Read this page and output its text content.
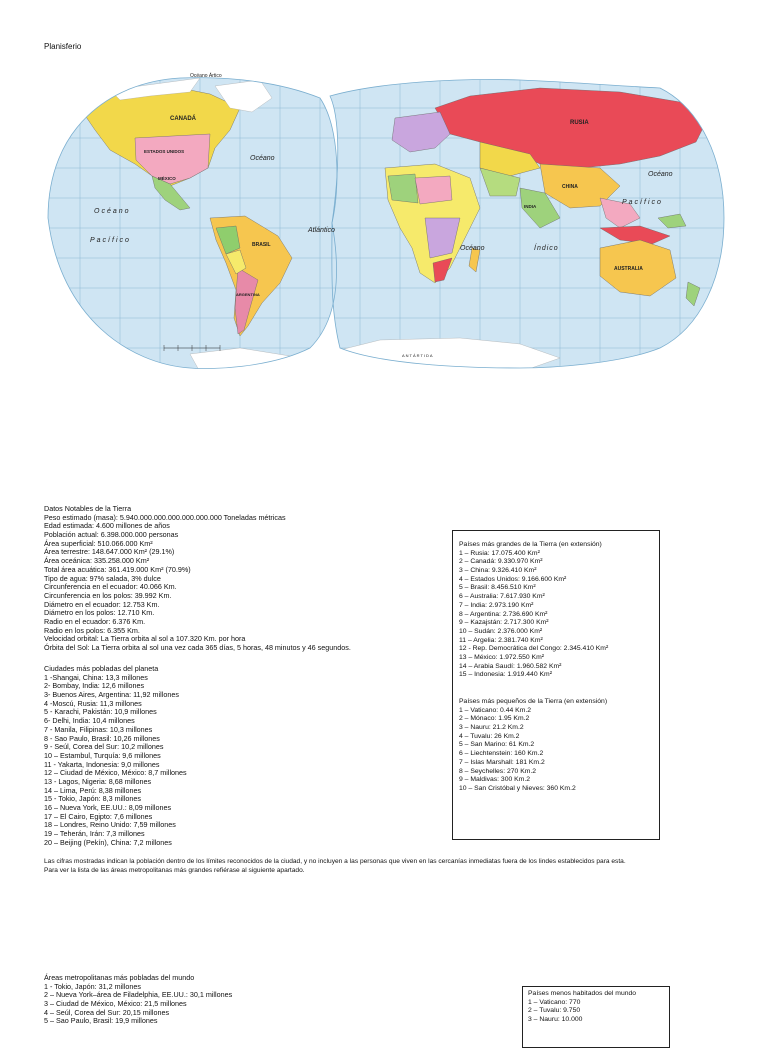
Planisferio
Océano Ártico
CANADÁ
ESTADOS UNIDOS
MÉXICO
BRASIL
ARGENTINA
RUSIA
CHINA
INDIA
AUSTRALIA
Océano
Atlántico
Océano
Pacífico
Océano	Índico
Océano
Pacífico
ANTÁRTIDA
Datos Notables de la Tierra
Peso estimado (masa): 5.940.000.000.000.000.000.000 Toneladas métricas
Edad estimada: 4.600 millones de años
Población actual: 6.398.000.000 personas
Área superficial: 510.066.000 Km²
Área terrestre: 148.647.000 Km² (29.1%)
Área oceánica: 335.258.000 Km²
Total área acuática: 361.419.000 Km² (70.9%)
Tipo de agua: 97% salada, 3% dulce
Circunferencia en el ecuador: 40.066 Km.
Circunferencia en los polos: 39.992 Km.
Diámetro en el ecuador: 12.753 Km.
Diámetro en los polos: 12.710 Km.
Radio en el ecuador: 6.376 Km.
Radio en los polos: 6.355 Km.
Velocidad orbital: La Tierra orbita al sol a 107.320 Km. por hora
Órbita del Sol: La Tierra orbita al sol una vez cada 365 días, 5 horas, 48 minutos y 46 segundos.
Ciudades más pobladas del planeta
1 -Shangai, China: 13,3 millones
2- Bombay, India: 12,6 millones
3- Buenos Aires, Argentina: 11,92 millones
4 -Moscú, Rusia: 11,3 millones
5 - Karachi, Pakistán: 10,9 millones
6- Delhi, India: 10,4 millones
7 - Manila, Filipinas: 10,3 millones
8 - Sao Paulo, Brasil: 10,26 millones
9 - Seúl, Corea del Sur: 10,2 millones
10 – Estambul, Turquía: 9,6 millones
11 - Yakarta, Indonesia: 9,0 millones
12 – Ciudad de México, México: 8,7 millones
13 - Lagos, Nigeria: 8,68 millones
14 – Lima, Perú: 8,38 millones
15 - Tokio, Japón: 8,3 millones
16 – Nueva York, EE.UU.: 8,09 millones
17 – El Cairo, Egipto: 7,6 millones
18 – Londres, Reino Unido: 7,59 millones
19 – Teherán, Irán: 7,3 millones
20 – Beijing (Pekín), China: 7,2 millones
Países más grandes de la Tierra (en extensión)
1 – Rusia: 17.075.400 Km²
2 – Canadá: 9.330.970 Km²
3 – China: 9.326.410 Km²
4 – Estados Unidos: 9.166.600 Km²
5 – Brasil: 8.456.510 Km²
6 – Australia: 7.617.930 Km²
7 – India: 2.973.190 Km²
8 – Argentina: 2.736.690 Km²
9 – Kazajstán: 2.717.300 Km²
10 – Sudán: 2.376.000 Km²
11 – Argelia: 2.381.740 Km²
12 - Rep. Democrática del Congo: 2.345.410 Km²
13 – México: 1.972.550 Km²
14 – Arabia Saudí: 1.960.582 Km²
15 – Indonesia: 1.919.440 Km²
Países más pequeños de la Tierra (en extensión)
1 – Vaticano: 0.44 Km.2
2 – Mónaco: 1.95 Km.2
3 – Nauru: 21.2 Km.2
4 – Tuvalu: 26 Km.2
5 – San Marino: 61 Km.2
6 – Liechtenstein: 160 Km.2
7 – Islas Marshall: 181 Km.2
8 – Seychelles: 270 Km.2
9 – Maldivas: 300 Km.2
10 – San Cristóbal y Nieves: 360 Km.2
Las cifras mostradas indican la población dentro de los límites reconocidos de la ciudad, y no incluyen a las personas que viven en las cercanías inmediatas fuera de los lindes establecidos para esta.
Para ver la lista de las áreas metropolitanas más grandes refiérase al siguiente apartado.
Áreas metropolitanas más pobladas del mundo
1 - Tokio, Japón: 31,2 millones
2 – Nueva York–área de Filadelphia, EE.UU.: 30,1 millones
3 – Ciudad de México, México: 21,5 millones
4 – Seúl, Corea del Sur: 20,15 millones
5 – Sao Paulo, Brasil: 19,9 millones
Países menos habitados del mundo
1 – Vaticano: 770
2 – Tuvalu: 9.750
3 – Nauru: 10.000
